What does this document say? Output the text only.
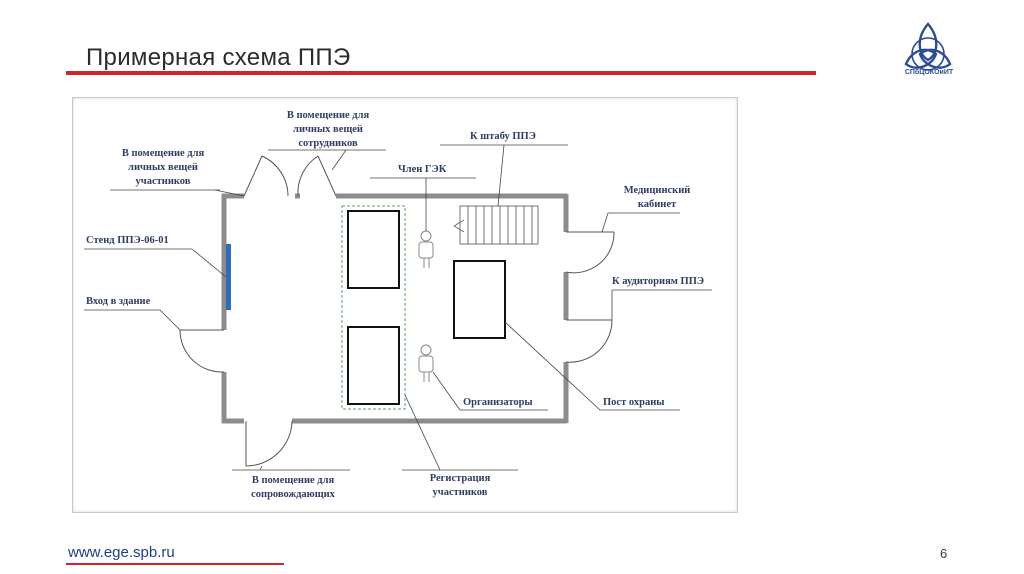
Примерная схема ППЭ
СПбЦОКОиИТ
В помещение для
личных вещей
сотрудников
В помещение для
личных вещей
участников
К штабу ППЭ
Член ГЭК
Стенд ППЭ-06-01
Вход в здание
Медицинский
кабинет
К аудиториям ППЭ
Организаторы	Пост охраны
В помещение для
сопровождающих
Регистрация
участников
www.ege.spb.ru	6
